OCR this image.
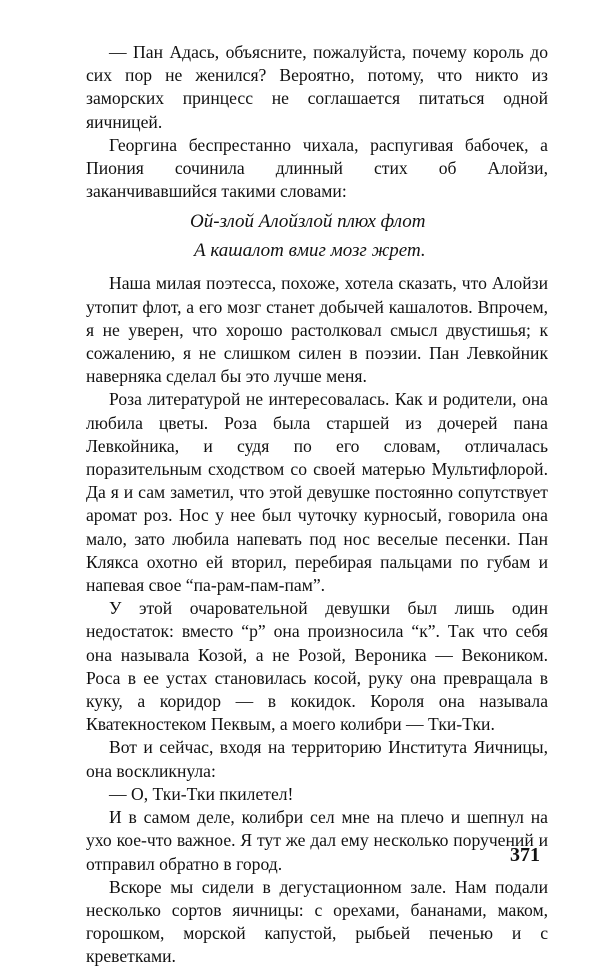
— Пан Адась, объясните, пожалуйста, почему король до сих пор не женился? Вероятно, потому, что никто из заморских принцесс не соглашается питаться одной яичницей.

Георгина беспрестанно чихала, распугивая бабочек, а Пиония сочинила длинный стих об Алойзи, заканчивавшийся такими словами:

Ой-злой Алойзлой плюх флот
А кашалот вмиг мозг жрет.

Наша милая поэтесса, похоже, хотела сказать, что Алойзи утопит флот, а его мозг станет добычей кашалотов. Впрочем, я не уверен, что хорошо растолковал смысл двустишья; к сожалению, я не слишком силен в поэзии. Пан Левкойник наверняка сделал бы это лучше меня.

Роза литературой не интересовалась. Как и родители, она любила цветы. Роза была старшей из дочерей пана Левкойника, и судя по его словам, отличалась поразительным сходством со своей матерью Мультифлорой. Да я и сам заметил, что этой девушке постоянно сопутствует аромат роз. Нос у нее был чуточку курносый, говорила она мало, зато любила напевать под нос веселые песенки. Пан Клякса охотно ей вторил, перебирая пальцами по губам и напевая свое “па-рам-пам-пам”.

У этой очаровательной девушки был лишь один недостаток: вместо “р” она произносила “к”. Так что себя она называла Козой, а не Розой, Вероника — Векоником. Роса в ее устах становилась косой, руку она превращала в куку, а коридор — в кокидок. Короля она называла Кватекностеком Пеквым, а моего колибри — Тки-Тки.

Вот и сейчас, входя на территорию Института Яичницы, она воскликнула:

— О, Тки-Тки пкилетел!

И в самом деле, колибри сел мне на плечо и шепнул на ухо кое-что важное. Я тут же дал ему несколько поручений и отправил обратно в город.

Вскоре мы сидели в дегустационном зале. Нам подали несколько сортов яичницы: с орехами, бананами, маком, горошком, морской капустой, рыбьей печенью и с креветками.

371
